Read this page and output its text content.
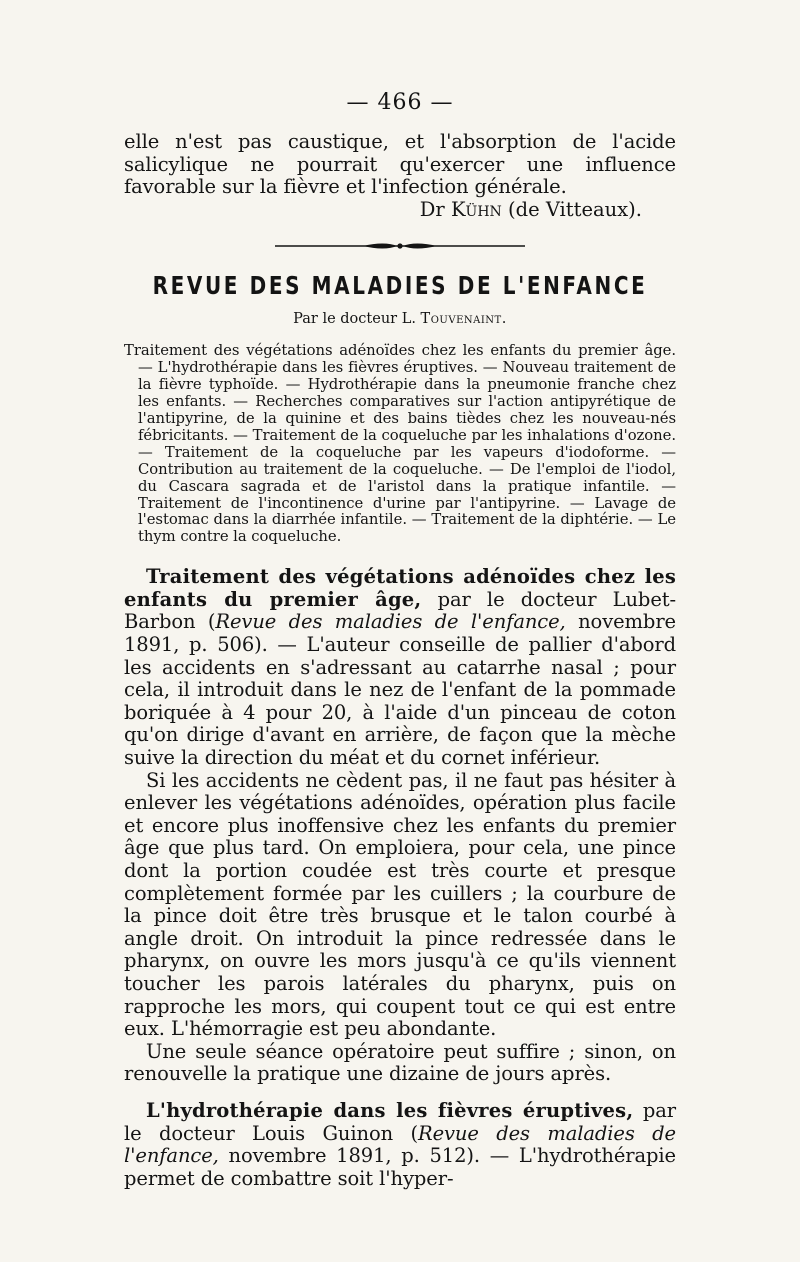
— 466 —

elle n'est pas caustique, et l'absorption de l'acide salicylique ne pourrait qu'exercer une influence favorable sur la fièvre et l'infection générale.

Dr Kühn (de Vitteaux).

REVUE DES MALADIES DE L'ENFANCE
Par le docteur L. Touvenaint.

Traitement des végétations adénoïdes chez les enfants du premier âge. — L'hydrothérapie dans les fièvres éruptives. — Nouveau traitement de la fièvre typhoïde. — Hydrothérapie dans la pneumonie franche chez les enfants. — Recherches comparatives sur l'action antipyrétique de l'antipyrine, de la quinine et des bains tièdes chez les nouveau-nés fébricitants. — Traitement de la coqueluche par les inhalations d'ozone. — Traitement de la coqueluche par les vapeurs d'iodoforme. — Contribution au traitement de la coqueluche. — De l'emploi de l'iodol, du Cascara sagrada et de l'aristol dans la pratique infantile. — Traitement de l'incontinence d'urine par l'antipyrine. — Lavage de l'estomac dans la diarrhée infantile. — Traitement de la diphtérie. — Le thym contre la coqueluche.

Traitement des végétations adénoïdes chez les enfants du premier âge, par le docteur Lubet-Barbon (Revue des maladies de l'enfance, novembre 1891, p. 506). — L'auteur conseille de pallier d'abord les accidents en s'adressant au catarrhe nasal ; pour cela, il introduit dans le nez de l'enfant de la pommade boriquée à 4 pour 20, à l'aide d'un pinceau de coton qu'on dirige d'avant en arrière, de façon que la mèche suive la direction du méat et du cornet inférieur.

Si les accidents ne cèdent pas, il ne faut pas hésiter à enlever les végétations adénoïdes, opération plus facile et encore plus inoffensive chez les enfants du premier âge que plus tard. On emploiera, pour cela, une pince dont la portion coudée est très courte et presque complètement formée par les cuillers ; la courbure de la pince doit être très brusque et le talon courbé à angle droit. On introduit la pince redressée dans le pharynx, on ouvre les mors jusqu'à ce qu'ils viennent toucher les parois latérales du pharynx, puis on rapproche les mors, qui coupent tout ce qui est entre eux. L'hémorragie est peu abondante.

Une seule séance opératoire peut suffire ; sinon, on renouvelle la pratique une dizaine de jours après.

L'hydrothérapie dans les fièvres éruptives, par le docteur Louis Guinon (Revue des maladies de l'enfance, novembre 1891, p. 512). — L'hydrothérapie permet de combattre soit l'hyper-
